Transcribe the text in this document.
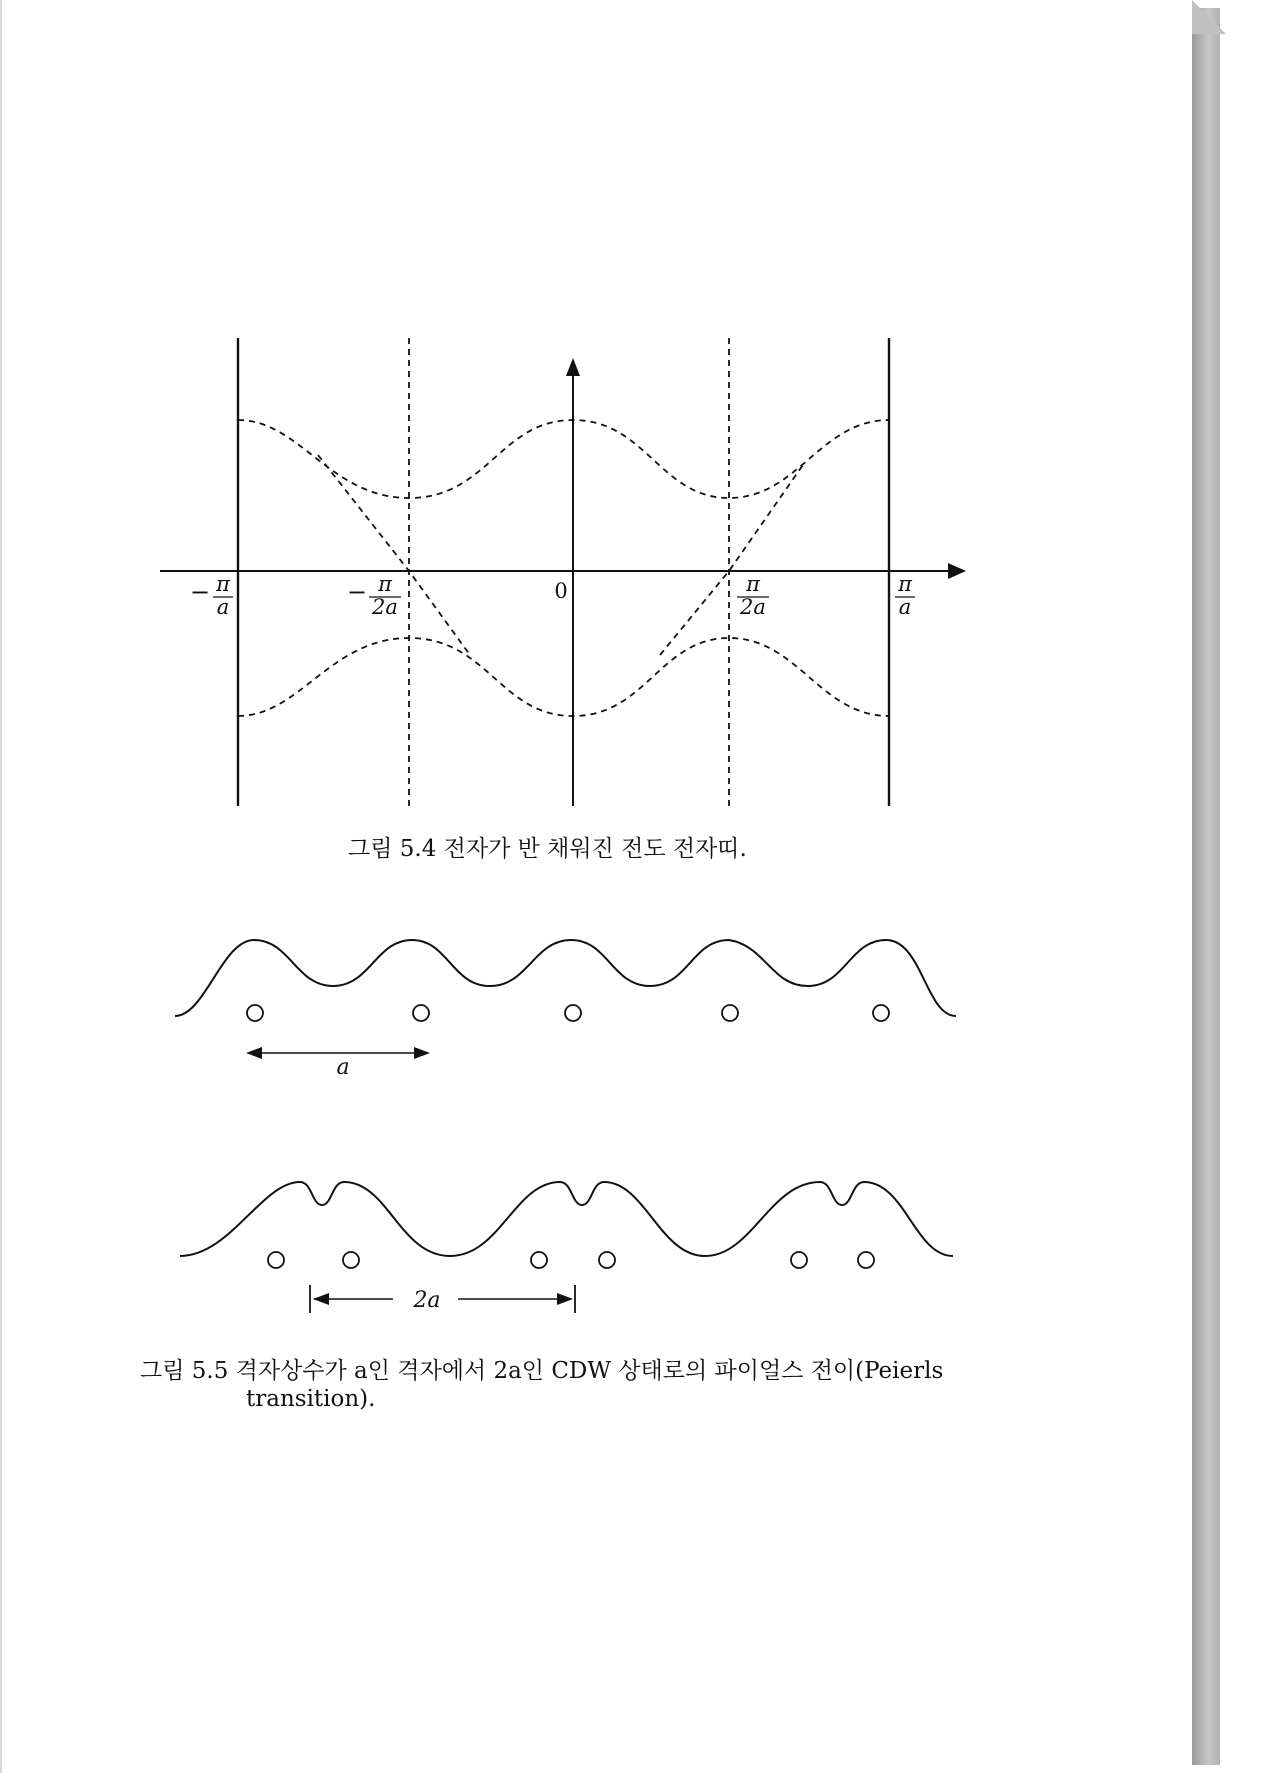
− π
a
− π
2a
0	π
2a
π
a
그림 5.4 전자가 반 채워진 전도 전자띠.
a
2a
그림 5.5 격자상수가 a인 격자에서 2a인 CDW 상태로의 파이얼스 전이(Peierls
transition).
